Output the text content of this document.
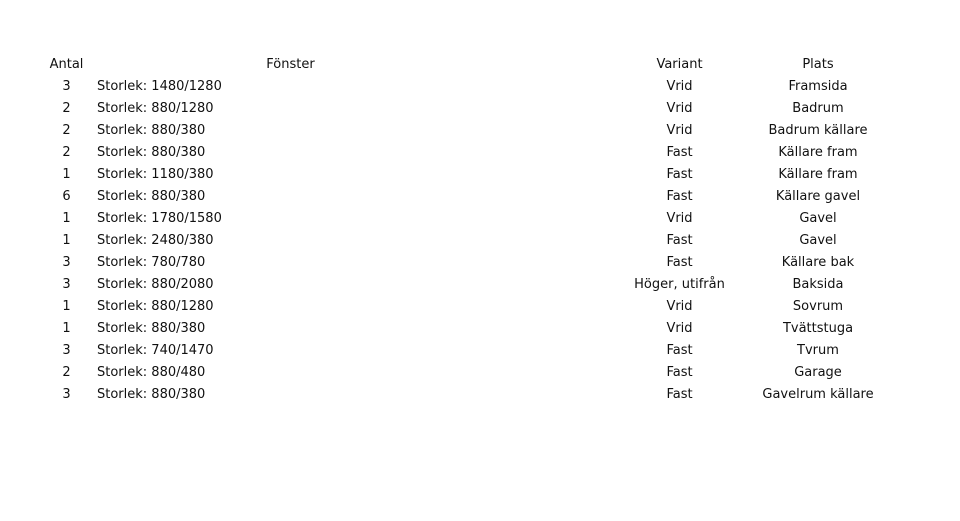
Antal	Fönster	Variant	Plats	
3	Storlek: 1480/1280	Vrid	Framsida	
2	Storlek: 880/1280	Vrid	Badrum	
2	Storlek: 880/380	Vrid	Badrum källare	
2	Storlek: 880/380	Fast	Källare fram	
1	Storlek: 1180/380	Fast	Källare fram	
6	Storlek: 880/380	Fast	Källare gavel	
1	Storlek: 1780/1580	Vrid	Gavel	
1	Storlek: 2480/380	Fast	Gavel	
3	Storlek: 780/780	Fast	Källare bak	
3	Storlek: 880/2080	Höger, utifrån	Baksida	
1	Storlek: 880/1280	Vrid	Sovrum	
1	Storlek: 880/380	Vrid	Tvättstuga	
3	Storlek: 740/1470	Fast	Tvrum	
2	Storlek: 880/480	Fast	Garage	
3	Storlek: 880/380	Fast	Gavelrum källare	
